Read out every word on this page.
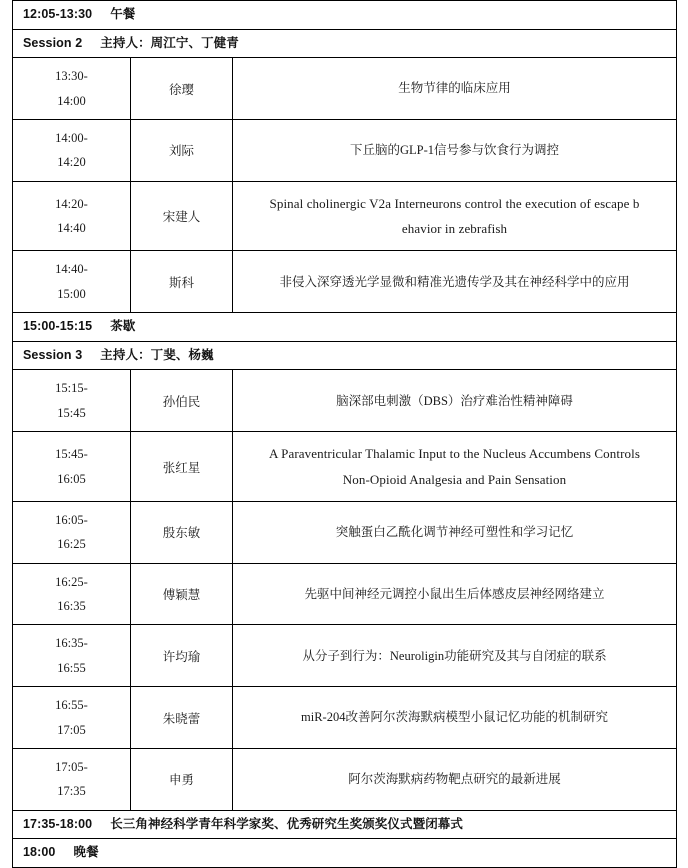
12:05-13:30 午餐		
Session 2 主持人：周江宁、丁健青		

13:30-
14:00	徐璎	生物节律的临床应用

14:00-
14:20	刘际	下丘脑的GLP-1信号参与饮食行为调控

14:20-
14:40	宋建人	Spinal cholinergic V2a Interneurons control the execution of escape b
ehavior in zebrafish

14:40-
15:00	斯科	非侵入深穿透光学显微和精准光遗传学及其在神经科学中的应用

15:00-15:15 茶歇		
Session 3 主持人：丁斐、杨巍		

15:15-
15:45	孙伯民	脑深部电刺激（DBS）治疗难治性精神障碍

15:45-
16:05	张红星	A Paraventricular Thalamic Input to the Nucleus Accumbens Controls
Non-Opioid Analgesia and Pain Sensation

16:05-
16:25	殷东敏	突触蛋白乙酰化调节神经可塑性和学习记忆

16:25-
16:35	傅颖慧	先驱中间神经元调控小鼠出生后体感皮层神经网络建立

16:35-
16:55	许均瑜	从分子到行为：Neuroligin功能研究及其与自闭症的联系

16:55-
17:05	朱晓蕾	miR-204改善阿尔茨海默病模型小鼠记忆功能的机制研究

17:05-
17:35	申勇	阿尔茨海默病药物靶点研究的最新进展

17:35-18:00 长三角神经科学青年科学家奖、优秀研究生奖颁奖仪式暨闭幕式		
18:00 晚餐		
